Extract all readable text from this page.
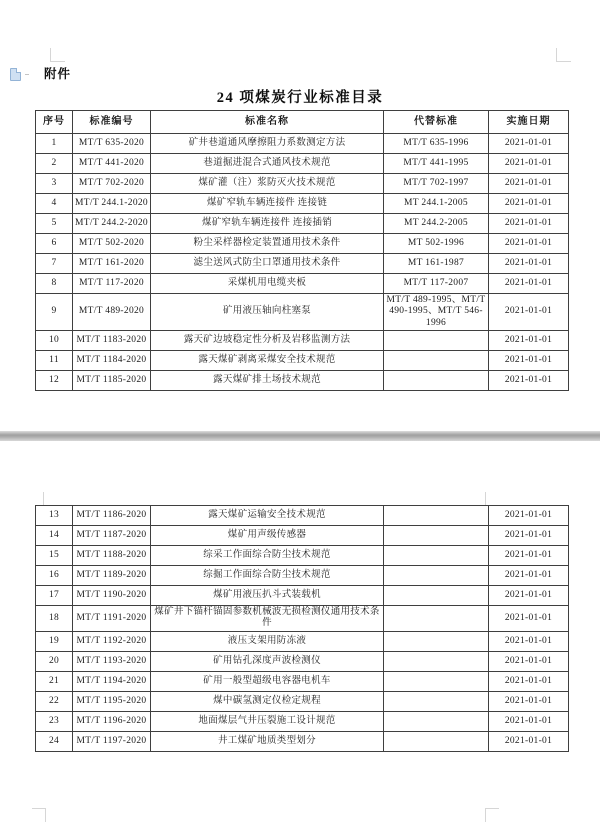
附件
24 项煤炭行业标准目录
序号	标准编号	标准名称	代替标准	实施日期
1	MT/T 635-2020	矿井巷道通风摩擦阻力系数测定方法	MT/T 635-1996	2021-01-01
2	MT/T 441-2020	巷道掘进混合式通风技术规范	MT/T 441-1995	2021-01-01
3	MT/T 702-2020	煤矿灌（注）浆防灭火技术规范	MT/T 702-1997	2021-01-01
4	MT/T 244.1-2020	煤矿窄轨车辆连接件 连接链	MT 244.1-2005	2021-01-01
5	MT/T 244.2-2020	煤矿窄轨车辆连接件 连接插销	MT 244.2-2005	2021-01-01
6	MT/T 502-2020	粉尘采样器检定装置通用技术条件	MT 502-1996	2021-01-01
7	MT/T 161-2020	滤尘送风式防尘口罩通用技术条件	MT 161-1987	2021-01-01
8	MT/T 117-2020	采煤机用电缆夹板	MT/T 117-2007	2021-01-01
9	MT/T 489-2020	矿用液压轴向柱塞泵	MT/T 489-1995、MT/T 490-1995、MT/T 546-1996	2021-01-01
10	MT/T 1183-2020	露天矿边坡稳定性分析及岩移监测方法		2021-01-01
11	MT/T 1184-2020	露天煤矿剥离采煤安全技术规范		2021-01-01
12	MT/T 1185-2020	露天煤矿排土场技术规范		2021-01-01
13	MT/T 1186-2020	露天煤矿运输安全技术规范		2021-01-01
14	MT/T 1187-2020	煤矿用声级传感器		2021-01-01
15	MT/T 1188-2020	综采工作面综合防尘技术规范		2021-01-01
16	MT/T 1189-2020	综掘工作面综合防尘技术规范		2021-01-01
17	MT/T 1190-2020	煤矿用液压扒斗式装载机		2021-01-01
18	MT/T 1191-2020	煤矿井下锚杆锚固参数机械波无损检测仪通用技术条件		2021-01-01
19	MT/T 1192-2020	液压支架用防冻液		2021-01-01
20	MT/T 1193-2020	矿用钻孔深度声波检测仪		2021-01-01
21	MT/T 1194-2020	矿用一般型超级电容器电机车		2021-01-01
22	MT/T 1195-2020	煤中碳氢测定仪检定规程		2021-01-01
23	MT/T 1196-2020	地面煤层气井压裂施工设计规范		2021-01-01
24	MT/T 1197-2020	井工煤矿地质类型划分		2021-01-01
